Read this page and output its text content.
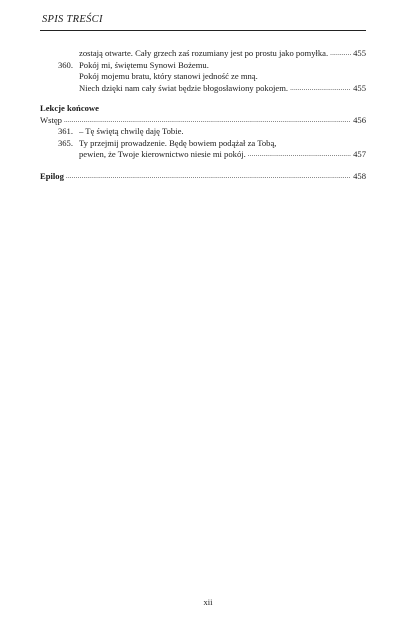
SPIS TREŚCI
zostają otwarte. Cały grzech zaś rozumiany jest po prostu jako pomyłka. .....	455
360. Pokój mi, świętemu Synowi Bożemu.
Pokój mojemu bratu, który stanowi jedność ze mną.
Niech dzięki nam cały świat będzie błogosławiony pokojem. .....	455
Lekcje końcowe
Wstęp .....	456
361. – Tę świętą chwilę daję Tobie.
365. Ty przejmij prowadzenie. Będę bowiem podążał za Tobą,
pewien, że Twoje kierownictwo niesie mi pokój. .....	457
Epilog .....	458
xii
